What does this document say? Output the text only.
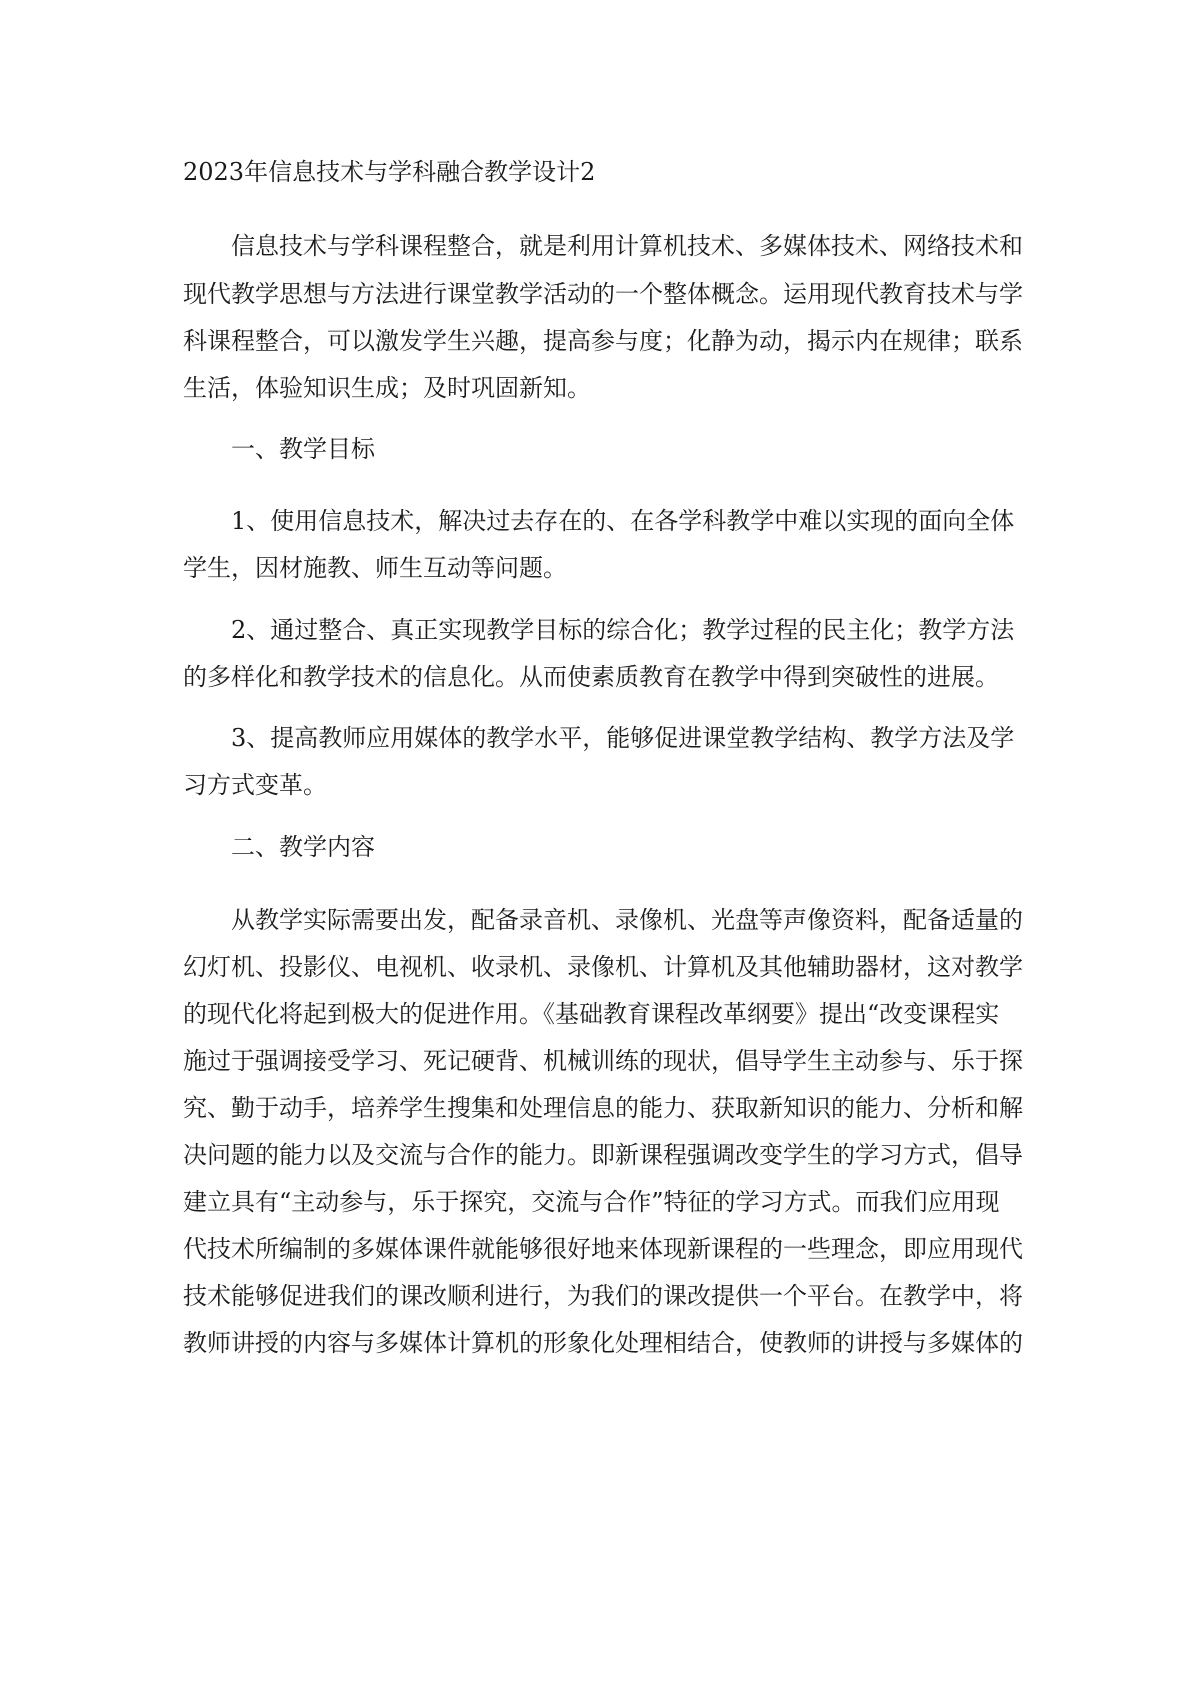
2023年信息技术与学科融合教学设计2
信息技术与学科课程整合，就是利用计算机技术、多媒体技术、网络技术和
现代教学思想与方法进行课堂教学活动的一个整体概念。运用现代教育技术与学
科课程整合，可以激发学生兴趣，提高参与度；化静为动，揭示内在规律；联系
生活，体验知识生成；及时巩固新知。
一、教学目标
1、使用信息技术，解决过去存在的、在各学科教学中难以实现的面向全体
学生，因材施教、师生互动等问题。
2、通过整合、真正实现教学目标的综合化；教学过程的民主化；教学方法
的多样化和教学技术的信息化。从而使素质教育在教学中得到突破性的进展。
3、提高教师应用媒体的教学水平，能够促进课堂教学结构、教学方法及学
习方式变革。
二、教学内容
从教学实际需要出发，配备录音机、录像机、光盘等声像资料，配备适量的
幻灯机、投影仪、电视机、收录机、录像机、计算机及其他辅助器材，这对教学
的现代化将起到极大的促进作用。《基础教育课程改革纲要》提出“改变课程实
施过于强调接受学习、死记硬背、机械训练的现状，倡导学生主动参与、乐于探
究、勤于动手，培养学生搜集和处理信息的能力、获取新知识的能力、分析和解
决问题的能力以及交流与合作的能力。即新课程强调改变学生的学习方式，倡导
建立具有“主动参与，乐于探究，交流与合作”特征的学习方式。而我们应用现
代技术所编制的多媒体课件就能够很好地来体现新课程的一些理念，即应用现代
技术能够促进我们的课改顺利进行，为我们的课改提供一个平台。在教学中，将
教师讲授的内容与多媒体计算机的形象化处理相结合，使教师的讲授与多媒体的
